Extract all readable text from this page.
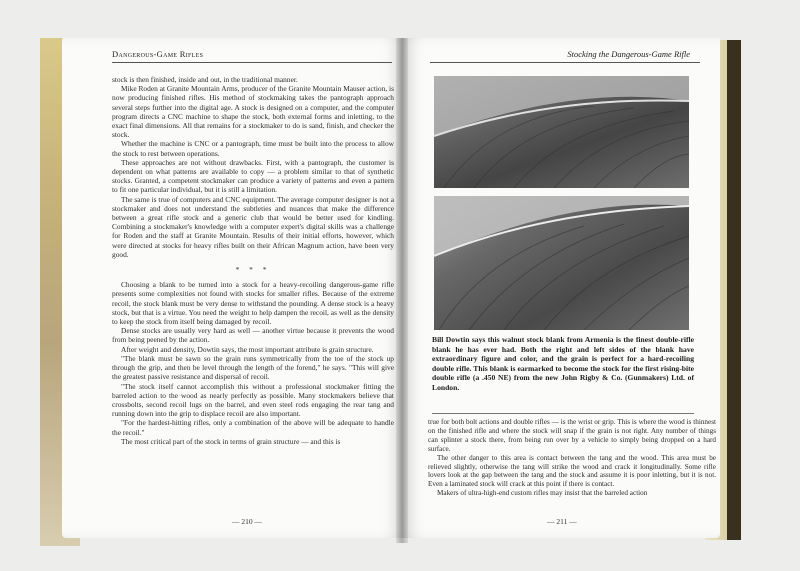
Dangerous-Game Rifles

stock is then finished, inside and out, in the traditional manner.

Mike Roden at Granite Mountain Arms, producer of the Granite Mountain Mauser action, is now producing finished rifles. His method of stockmaking takes the pantograph approach several steps further into the digital age. A stock is designed on a computer, and the computer program directs a CNC machine to shape the stock, both external forms and inletting, to the exact final dimensions. All that remains for a stockmaker to do is sand, finish, and checker the stock.

Whether the machine is CNC or a pantograph, time must be built into the process to allow the stock to rest between operations.

These approaches are not without drawbacks. First, with a pantograph, the customer is dependent on what patterns are available to copy — a problem similar to that of synthetic stocks. Granted, a competent stockmaker can produce a variety of patterns and even a pattern to fit one particular individual, but it is still a limitation.

The same is true of computers and CNC equipment. The average computer designer is not a stockmaker and does not understand the subtleties and nuances that make the difference between a great rifle stock and a generic club that would be better used for kindling. Combining a stockmaker's knowledge with a computer expert's digital skills was a challenge for Roden and the staff at Granite Mountain. Results of their initial efforts, however, which were directed at stocks for heavy rifles built on their African Magnum action, have been very good.

* * *

Choosing a blank to be turned into a stock for a heavy-recoiling dangerous-game rifle presents some complexities not found with stocks for smaller rifles. Because of the extreme recoil, the stock blank must be very dense to withstand the pounding. A dense stock is a heavy stock, but that is a virtue. You need the weight to help dampen the recoil, as well as the density to keep the stock from itself being damaged by recoil.

Dense stocks are usually very hard as well — another virtue because it prevents the wood from being peened by the action.

After weight and density, Dowtin says, the most important attribute is grain structure.

"The blank must be sawn so the grain runs symmetrically from the toe of the stock up through the grip, and then be level through the length of the forend," he says. "This will give the greatest passive resistance and dispersal of recoil.

"The stock itself cannot accomplish this without a professional stockmaker fitting the barreled action to the wood as nearly perfectly as possible. Many stockmakers believe that crossbolts, second recoil lugs on the barrel, and even steel rods engaging the rear tang and running down into the grip to displace recoil are also important.

"For the hardest-hitting rifles, only a combination of the above will be adequate to handle the recoil."

The most critical part of the stock in terms of grain structure — and this is

— 210 —
Stocking the Dangerous-Game Rifle
Bill Dowtin says this walnut stock blank from Armenia is the finest double-rifle blank he has ever had. Both the right and left sides of the blank have extraordinary figure and color, and the grain is perfect for a hard-recoiling double rifle. This blank is earmarked to become the stock for the first rising-bite double rifle (a .450 NE) from the new John Rigby & Co. (Gunmakers) Ltd. of London.

true for both bolt actions and double rifles — is the wrist or grip. This is where the wood is thinnest on the finished rifle and where the stock will snap if the grain is not right. Any number of things can splinter a stock there, from being run over by a vehicle to simply being dropped on a hard surface.

The other danger to this area is contact between the tang and the wood. This area must be relieved slightly, otherwise the tang will strike the wood and crack it longitudinally. Some rifle lovers look at the gap between the tang and the stock and assume it is poor inletting, but it is not. Even a laminated stock will crack at this point if there is contact.

Makers of ultra-high-end custom rifles may insist that the barreled action

— 211 —
